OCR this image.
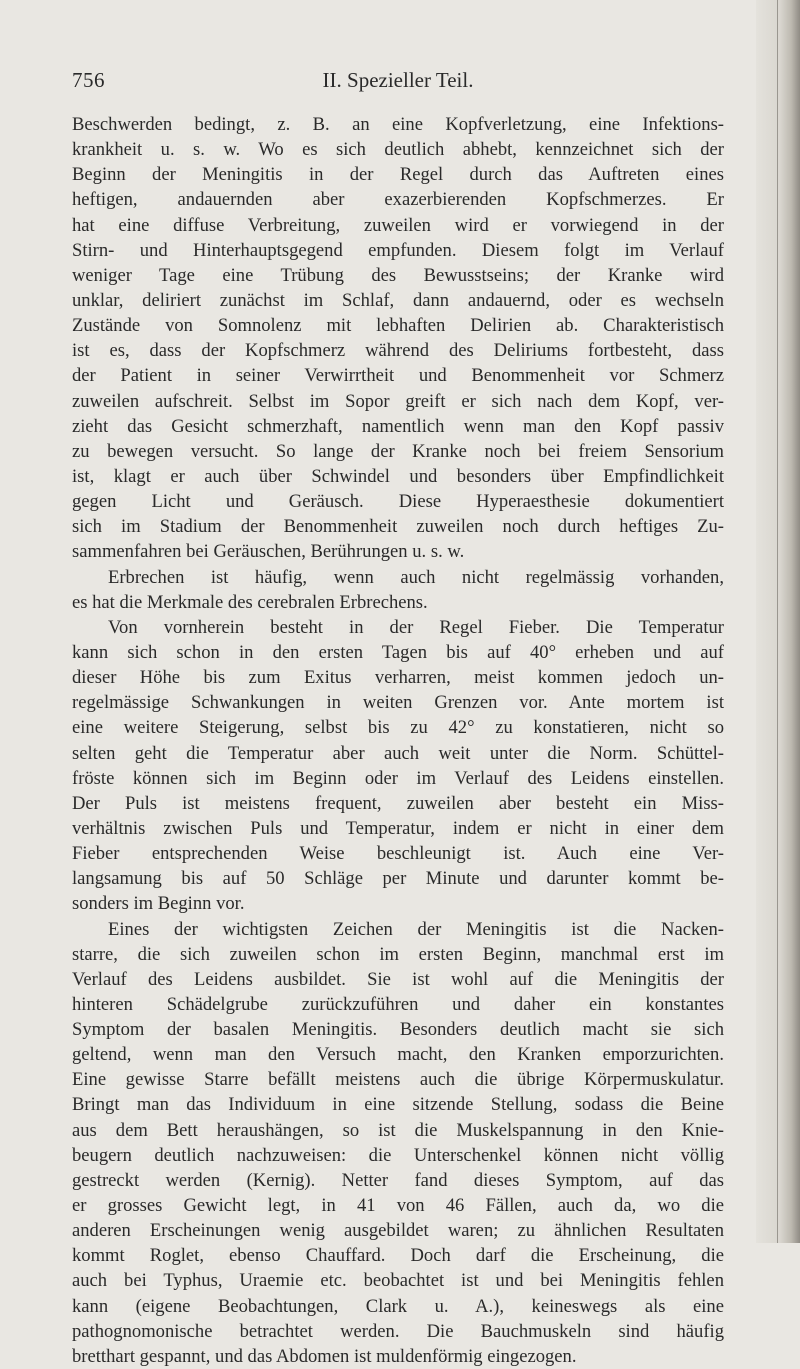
756	II. Spezieller Teil.
Beschwerden bedingt, z. B. an eine Kopfverletzung, eine Infektions-
krankheit u. s. w. Wo es sich deutlich abhebt, kennzeichnet sich der
Beginn der Meningitis in der Regel durch das Auftreten eines
heftigen, andauernden aber exazerbierenden Kopfschmerzes. Er
hat eine diffuse Verbreitung, zuweilen wird er vorwiegend in der
Stirn- und Hinterhauptsgegend empfunden. Diesem folgt im Verlauf
weniger Tage eine Trübung des Bewusstseins; der Kranke wird
unklar, deliriert zunächst im Schlaf, dann andauernd, oder es wechseln
Zustände von Somnolenz mit lebhaften Delirien ab. Charakteristisch
ist es, dass der Kopfschmerz während des Deliriums fortbesteht, dass
der Patient in seiner Verwirrtheit und Benommenheit vor Schmerz
zuweilen aufschreit. Selbst im Sopor greift er sich nach dem Kopf, ver-
zieht das Gesicht schmerzhaft, namentlich wenn man den Kopf passiv
zu bewegen versucht. So lange der Kranke noch bei freiem Sensorium
ist, klagt er auch über Schwindel und besonders über Empfindlichkeit
gegen Licht und Geräusch. Diese Hyperaesthesie dokumentiert
sich im Stadium der Benommenheit zuweilen noch durch heftiges Zu-
sammenfahren bei Geräuschen, Berührungen u. s. w.
Erbrechen ist häufig, wenn auch nicht regelmässig vorhanden,
es hat die Merkmale des cerebralen Erbrechens.
Von vornherein besteht in der Regel Fieber. Die Temperatur
kann sich schon in den ersten Tagen bis auf 40° erheben und auf
dieser Höhe bis zum Exitus verharren, meist kommen jedoch un-
regelmässige Schwankungen in weiten Grenzen vor. Ante mortem ist
eine weitere Steigerung, selbst bis zu 42° zu konstatieren, nicht so
selten geht die Temperatur aber auch weit unter die Norm. Schüttel-
fröste können sich im Beginn oder im Verlauf des Leidens einstellen.
Der Puls ist meistens frequent, zuweilen aber besteht ein Miss-
verhältnis zwischen Puls und Temperatur, indem er nicht in einer dem
Fieber entsprechenden Weise beschleunigt ist. Auch eine Ver-
langsamung bis auf 50 Schläge per Minute und darunter kommt be-
sonders im Beginn vor.
Eines der wichtigsten Zeichen der Meningitis ist die Nacken-
starre, die sich zuweilen schon im ersten Beginn, manchmal erst im
Verlauf des Leidens ausbildet. Sie ist wohl auf die Meningitis der
hinteren Schädelgrube zurückzuführen und daher ein konstantes
Symptom der basalen Meningitis. Besonders deutlich macht sie sich
geltend, wenn man den Versuch macht, den Kranken emporzurichten.
Eine gewisse Starre befällt meistens auch die übrige Körpermuskulatur.
Bringt man das Individuum in eine sitzende Stellung, sodass die Beine
aus dem Bett heraushängen, so ist die Muskelspannung in den Knie-
beugern deutlich nachzuweisen: die Unterschenkel können nicht völlig
gestreckt werden (Kernig). Netter fand dieses Symptom, auf das
er grosses Gewicht legt, in 41 von 46 Fällen, auch da, wo die
anderen Erscheinungen wenig ausgebildet waren; zu ähnlichen Resultaten
kommt Roglet, ebenso Chauffard. Doch darf die Erscheinung, die
auch bei Typhus, Uraemie etc. beobachtet ist und bei Meningitis fehlen
kann (eigene Beobachtungen, Clark u. A.), keineswegs als eine
pathognomonische betrachtet werden. Die Bauchmuskeln sind häufig
bretthart gespannt, und das Abdomen ist muldenförmig eingezogen.
